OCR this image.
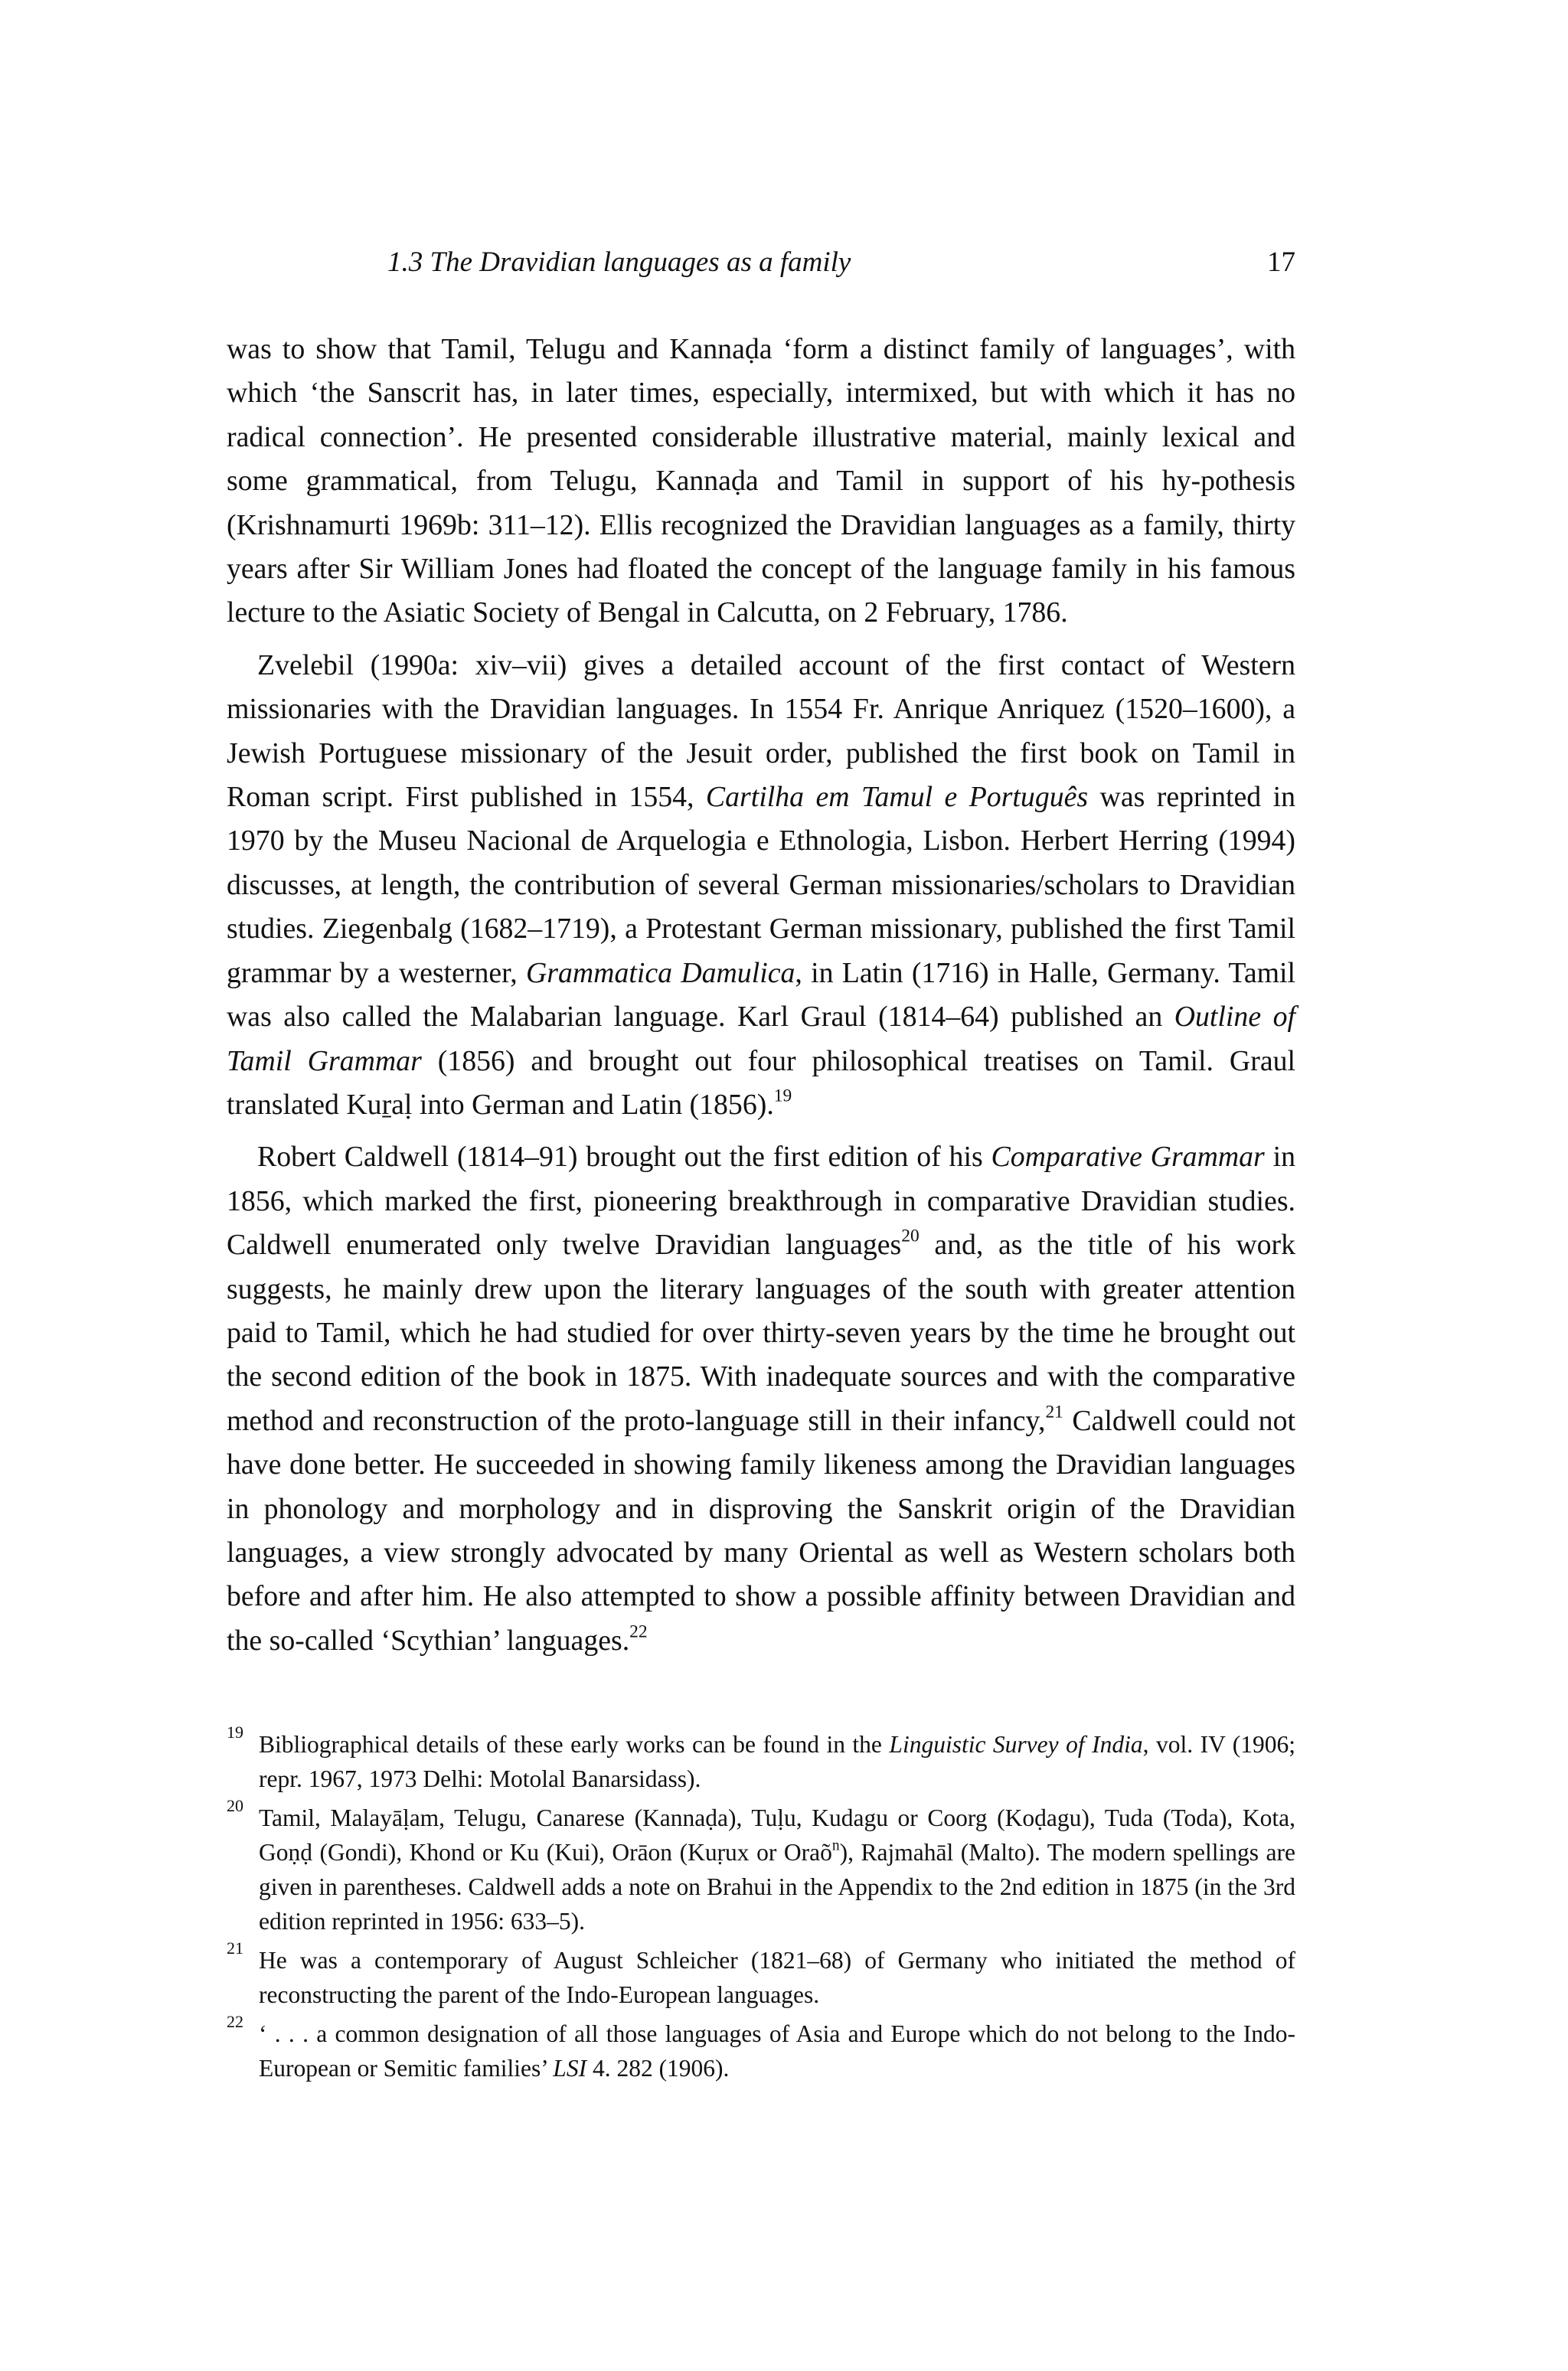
1.3 The Dravidian languages as a family	17

was to show that Tamil, Telugu and Kannaḍa ‘form a distinct family of languages’, with which ‘the Sanscrit has, in later times, especially, intermixed, but with which it has no radical connection’. He presented considerable illustrative material, mainly lexical and some grammatical, from Telugu, Kannaḍa and Tamil in support of his hy-pothesis (Krishnamurti 1969b: 311–12). Ellis recognized the Dravidian languages as a family, thirty years after Sir William Jones had floated the concept of the language family in his famous lecture to the Asiatic Society of Bengal in Calcutta, on 2 February, 1786.

Zvelebil (1990a: xiv–vii) gives a detailed account of the first contact of Western missionaries with the Dravidian languages. In 1554 Fr. Anrique Anriquez (1520–1600), a Jewish Portuguese missionary of the Jesuit order, published the first book on Tamil in Roman script. First published in 1554, Cartilha em Tamul e Português was reprinted in 1970 by the Museu Nacional de Arquelogia e Ethnologia, Lisbon. Herbert Herring (1994) discusses, at length, the contribution of several German missionaries/scholars to Dravidian studies. Ziegenbalg (1682–1719), a Protestant German missionary, published the first Tamil grammar by a westerner, Grammatica Damulica, in Latin (1716) in Halle, Germany. Tamil was also called the Malabarian language. Karl Graul (1814–64) published an Outline of Tamil Grammar (1856) and brought out four philosophical treatises on Tamil. Graul translated Kuṟaḷ into German and Latin (1856).$^{19}$

Robert Caldwell (1814–91) brought out the first edition of his Comparative Grammar in 1856, which marked the first, pioneering breakthrough in comparative Dravidian studies. Caldwell enumerated only twelve Dravidian languages$^{20}$ and, as the title of his work suggests, he mainly drew upon the literary languages of the south with greater attention paid to Tamil, which he had studied for over thirty-seven years by the time he brought out the second edition of the book in 1875. With inadequate sources and with the comparative method and reconstruction of the proto-language still in their infancy,$^{21}$ Caldwell could not have done better. He succeeded in showing family likeness among the Dravidian languages in phonology and morphology and in disproving the Sanskrit origin of the Dravidian languages, a view strongly advocated by many Oriental as well as Western scholars both before and after him. He also attempted to show a possible affinity between Dravidian and the so-called ‘Scythian’ languages.$^{22}$

19 Bibliographical details of these early works can be found in the Linguistic Survey of India, vol. IV (1906; repr. 1967, 1973 Delhi: Motolal Banarsidass).
20 Tamil, Malayāḷam, Telugu, Canarese (Kannaḍa), Tuḷu, Kudagu or Coorg (Koḍagu), Tuda (Toda), Kota, Goṇḍ (Gondi), Khond or Ku (Kui), Orāon (Kuṛux or Oraõ$^n$), Rajmahāl (Malto). The modern spellings are given in parentheses. Caldwell adds a note on Brahui in the Appendix to the 2nd edition in 1875 (in the 3rd edition reprinted in 1956: 633–5).
21 He was a contemporary of August Schleicher (1821–68) of Germany who initiated the method of reconstructing the parent of the Indo-European languages.
22 ‘ . . . a common designation of all those languages of Asia and Europe which do not belong to the Indo-European or Semitic families’ LSI 4. 282 (1906).
